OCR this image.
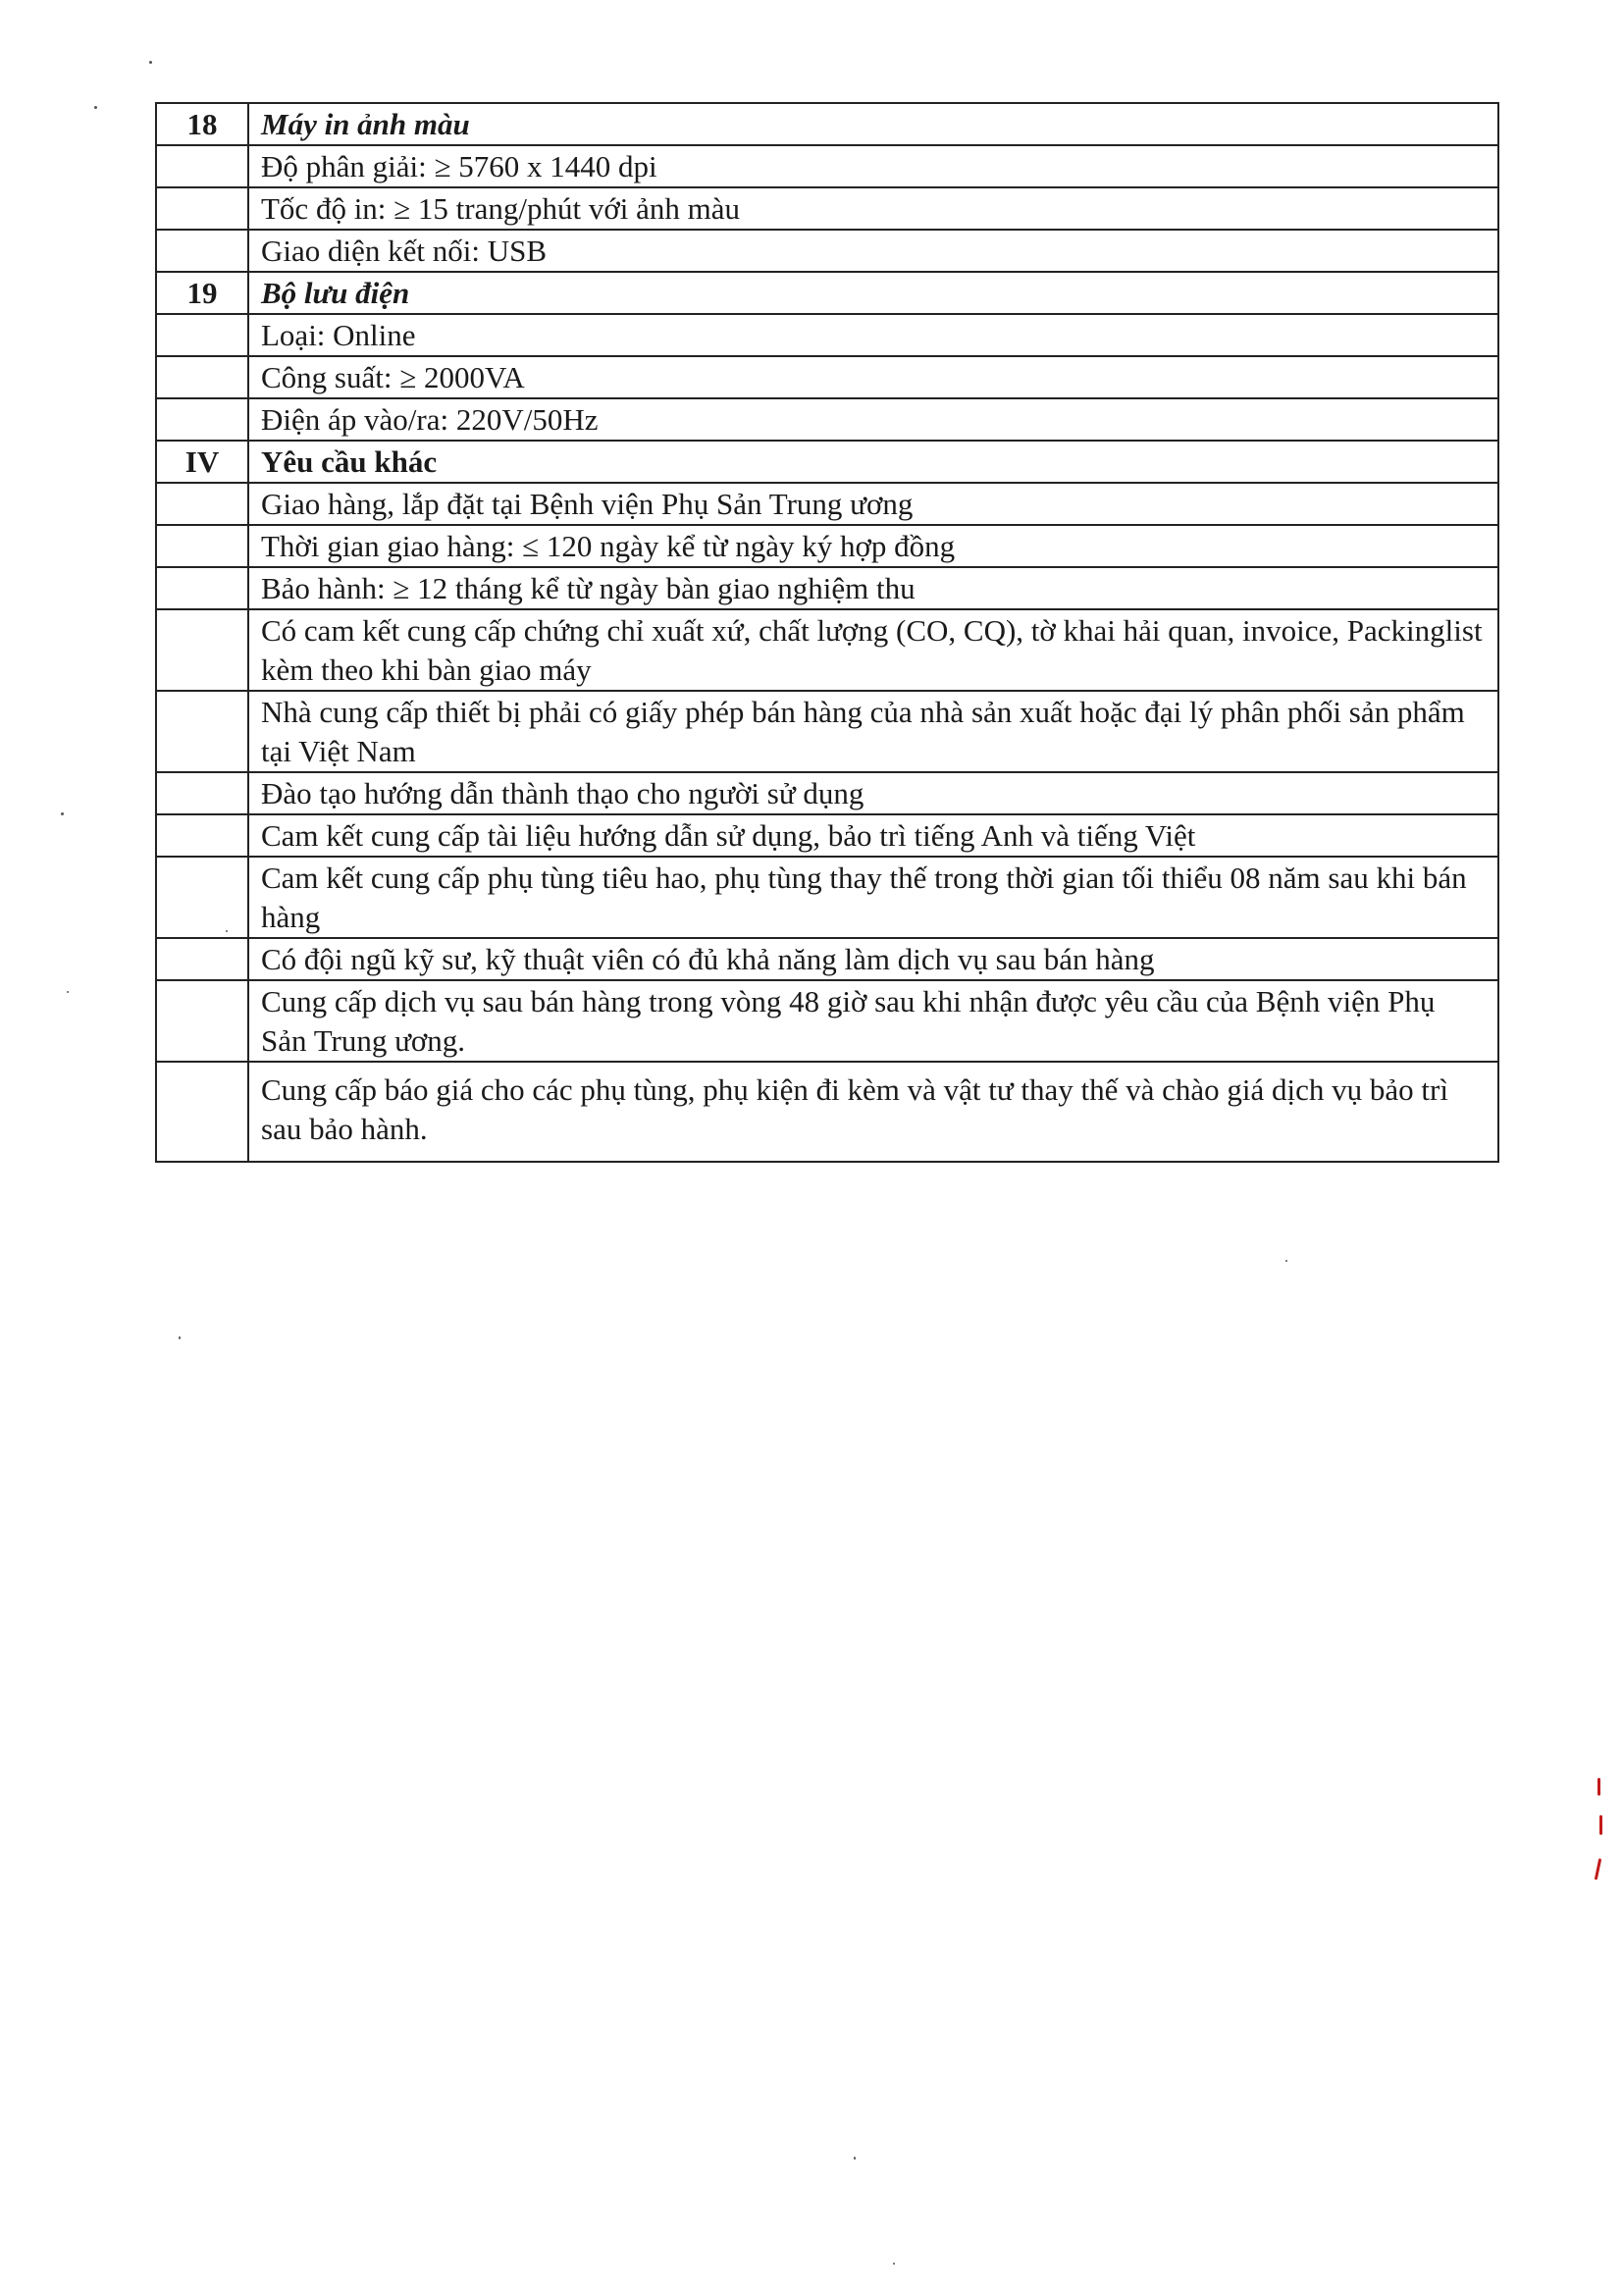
18	Máy in ảnh màu
	Độ phân giải: ≥ 5760 x 1440 dpi
	Tốc độ in: ≥ 15 trang/phút với ảnh màu
	Giao diện kết nối: USB
19	Bộ lưu điện
	Loại: Online
	Công suất: ≥ 2000VA
	Điện áp vào/ra: 220V/50Hz
IV	Yêu cầu khác
	Giao hàng, lắp đặt tại Bệnh viện Phụ Sản Trung ương
	Thời gian giao hàng: ≤ 120 ngày kể từ ngày ký hợp đồng
	Bảo hành: ≥ 12 tháng kể từ ngày bàn giao nghiệm thu
	Có cam kết cung cấp chứng chỉ xuất xứ, chất lượng (CO, CQ), tờ khai hải quan, invoice, Packinglist kèm theo khi bàn giao máy
	Nhà cung cấp thiết bị phải có giấy phép bán hàng của nhà sản xuất hoặc đại lý phân phối sản phẩm tại Việt Nam
	Đào tạo hướng dẫn thành thạo cho người sử dụng
	Cam kết cung cấp tài liệu hướng dẫn sử dụng, bảo trì tiếng Anh và tiếng Việt
	Cam kết cung cấp phụ tùng tiêu hao, phụ tùng thay thế trong thời gian tối thiểu 08 năm sau khi bán hàng
	Có đội ngũ kỹ sư, kỹ thuật viên có đủ khả năng làm dịch vụ sau bán hàng
	Cung cấp dịch vụ sau bán hàng trong vòng 48 giờ sau khi nhận được yêu cầu của Bệnh viện Phụ Sản Trung ương.
	Cung cấp báo giá cho các phụ tùng, phụ kiện đi kèm và vật tư thay thế và chào giá dịch vụ bảo trì sau bảo hành.
